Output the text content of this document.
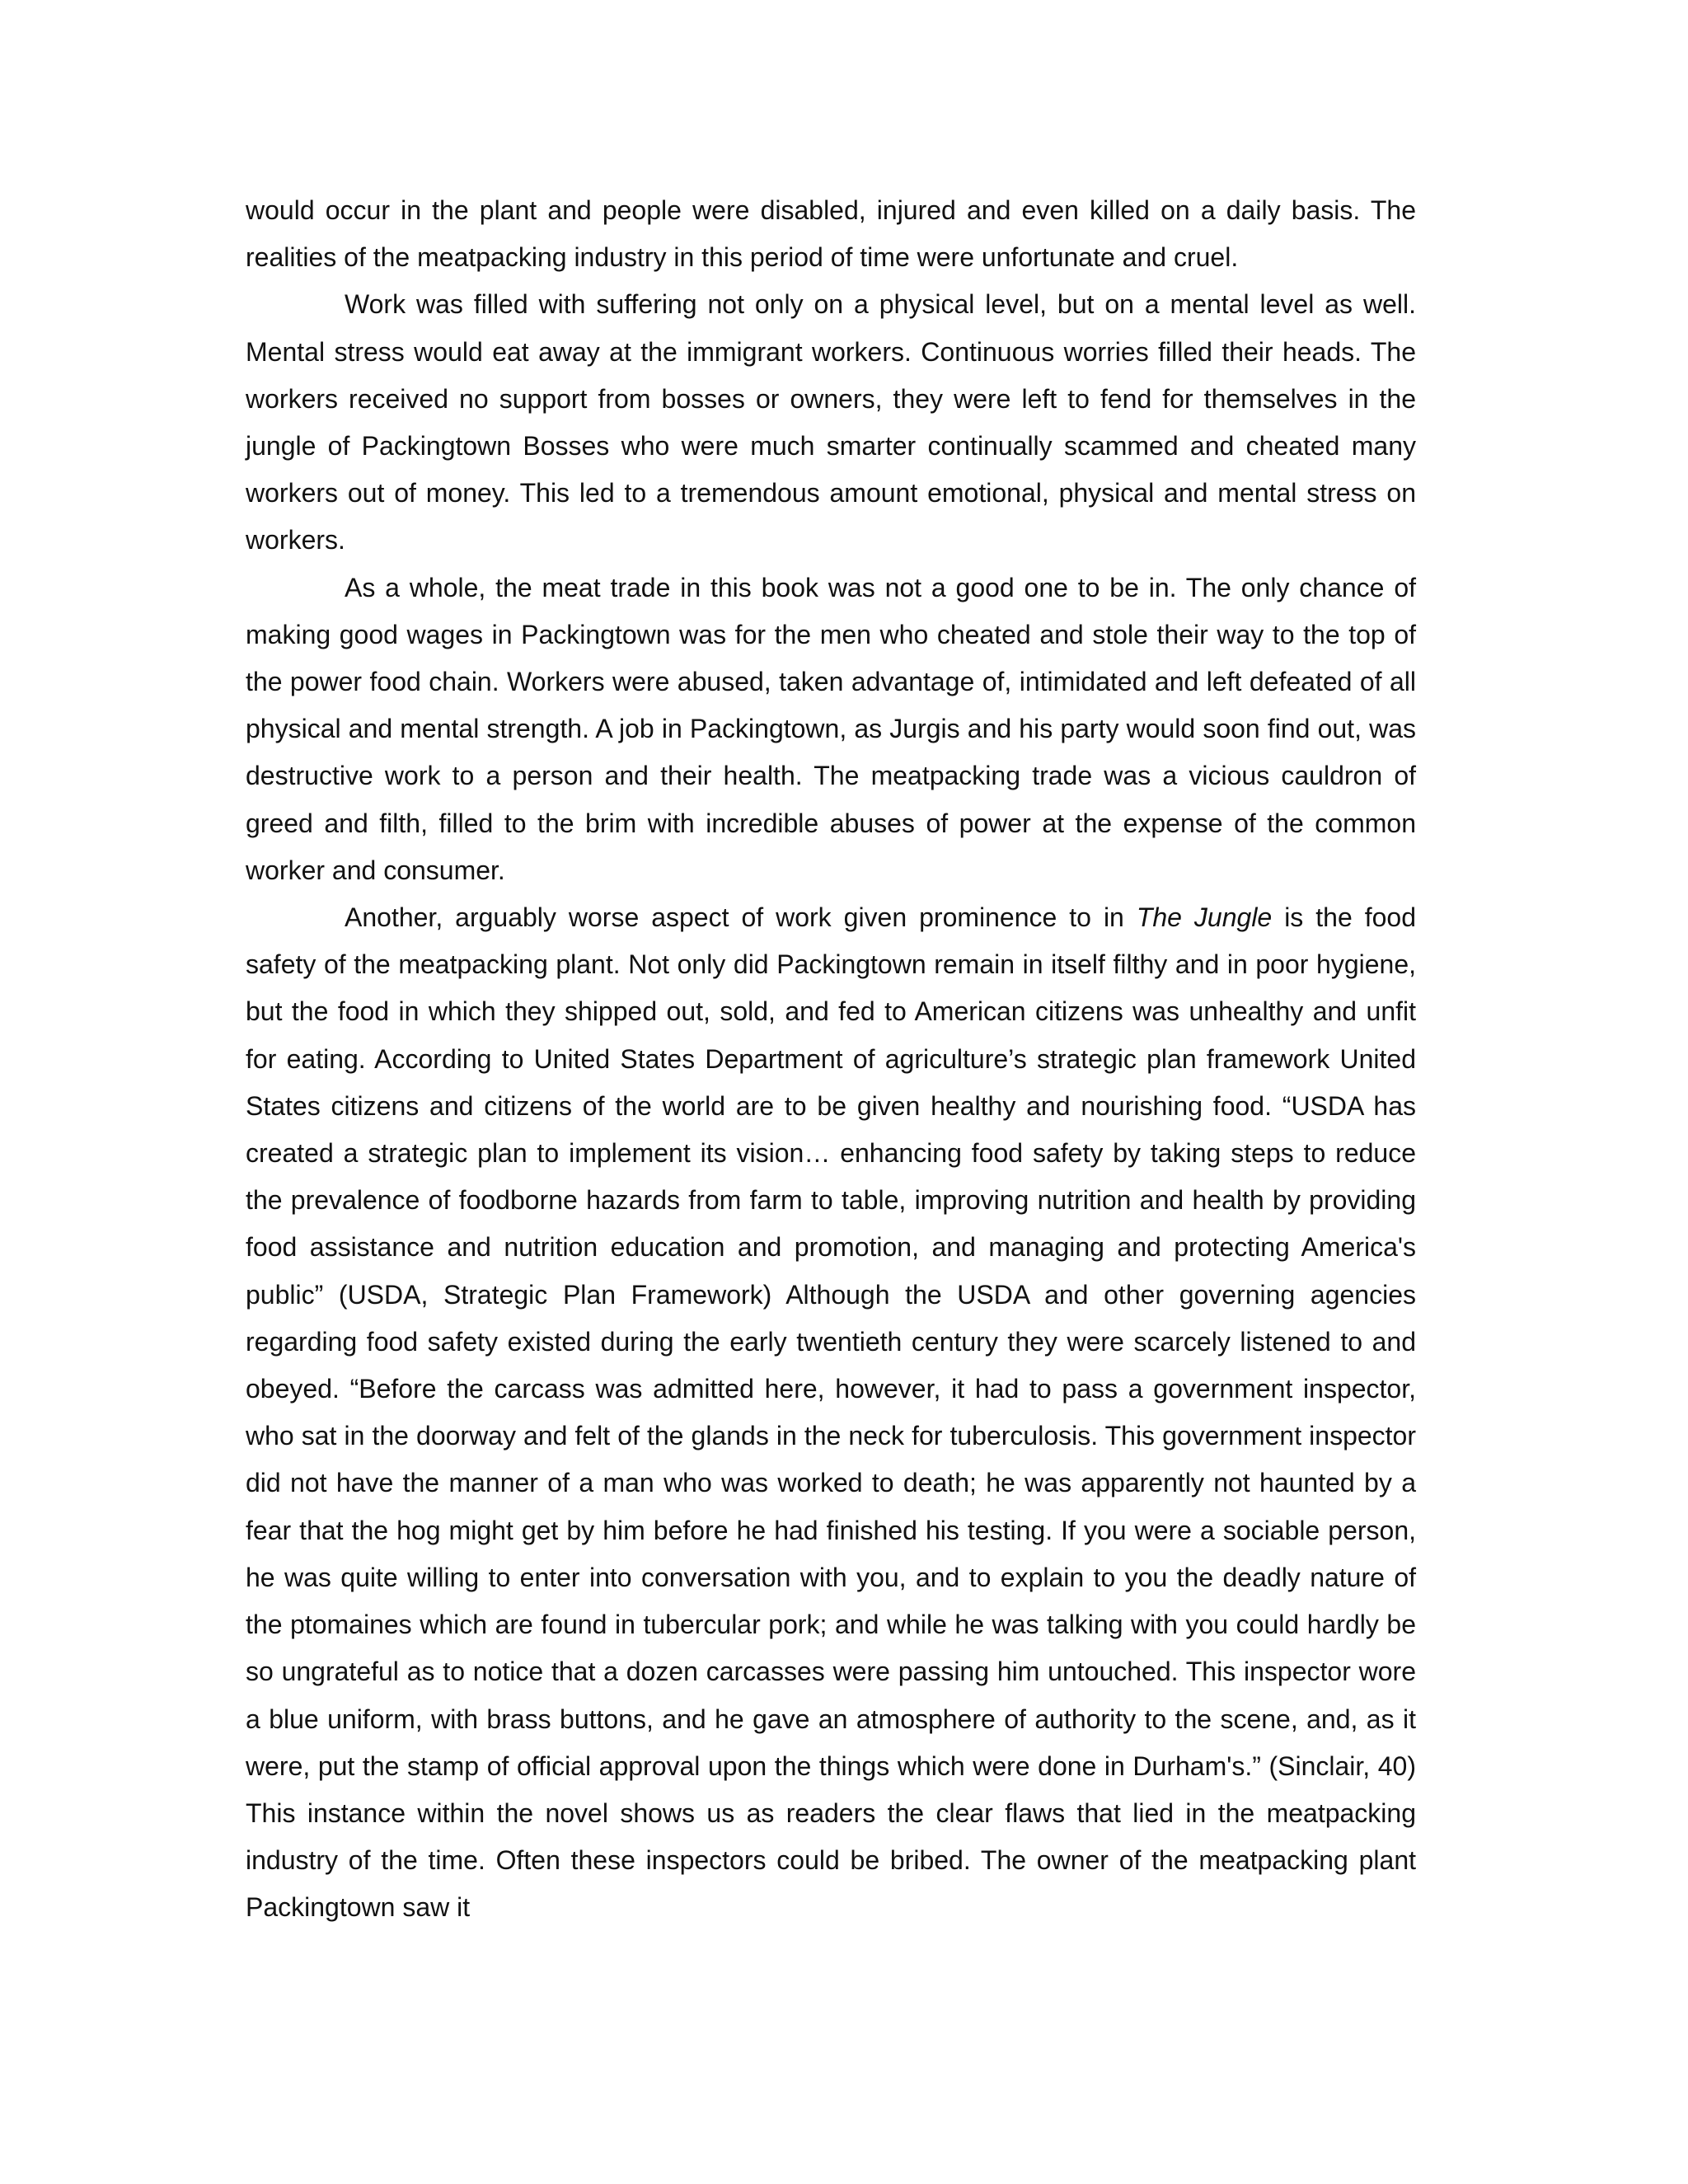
would occur in the plant and people were disabled, injured and even killed on a daily basis. The realities of the meatpacking industry in this period of time were unfortunate and cruel.

Work was filled with suffering not only on a physical level, but on a mental level as well. Mental stress would eat away at the immigrant workers. Continuous worries filled their heads. The workers received no support from bosses or owners, they were left to fend for themselves in the jungle of Packingtown Bosses who were much smarter continually scammed and cheated many workers out of money. This led to a tremendous amount emotional, physical and mental stress on workers.

As a whole, the meat trade in this book was not a good one to be in. The only chance of making good wages in Packingtown was for the men who cheated and stole their way to the top of the power food chain. Workers were abused, taken advantage of, intimidated and left defeated of all physical and mental strength. A job in Packingtown, as Jurgis and his party would soon find out, was destructive work to a person and their health. The meatpacking trade was a vicious cauldron of greed and filth, filled to the brim with incredible abuses of power at the expense of the common worker and consumer.

Another, arguably worse aspect of work given prominence to in The Jungle is the food safety of the meatpacking plant. Not only did Packingtown remain in itself filthy and in poor hygiene, but the food in which they shipped out, sold, and fed to American citizens was unhealthy and unfit for eating. According to United States Department of agriculture’s strategic plan framework United States citizens and citizens of the world are to be given healthy and nourishing food. “USDA has created a strategic plan to implement its vision… enhancing food safety by taking steps to reduce the prevalence of foodborne hazards from farm to table, improving nutrition and health by providing food assistance and nutrition education and promotion, and managing and protecting America's public” (USDA, Strategic Plan Framework) Although the USDA and other governing agencies regarding food safety existed during the early twentieth century they were scarcely listened to and obeyed. “Before the carcass was admitted here, however, it had to pass a government inspector, who sat in the doorway and felt of the glands in the neck for tuberculosis. This government inspector did not have the manner of a man who was worked to death; he was apparently not haunted by a fear that the hog might get by him before he had finished his testing. If you were a sociable person, he was quite willing to enter into conversation with you, and to explain to you the deadly nature of the ptomaines which are found in tubercular pork; and while he was talking with you could hardly be so ungrateful as to notice that a dozen carcasses were passing him untouched. This inspector wore a blue uniform, with brass buttons, and he gave an atmosphere of authority to the scene, and, as it were, put the stamp of official approval upon the things which were done in Durham's.” (Sinclair, 40) This instance within the novel shows us as readers the clear flaws that lied in the meatpacking industry of the time. Often these inspectors could be bribed. The owner of the meatpacking plant Packingtown saw it
